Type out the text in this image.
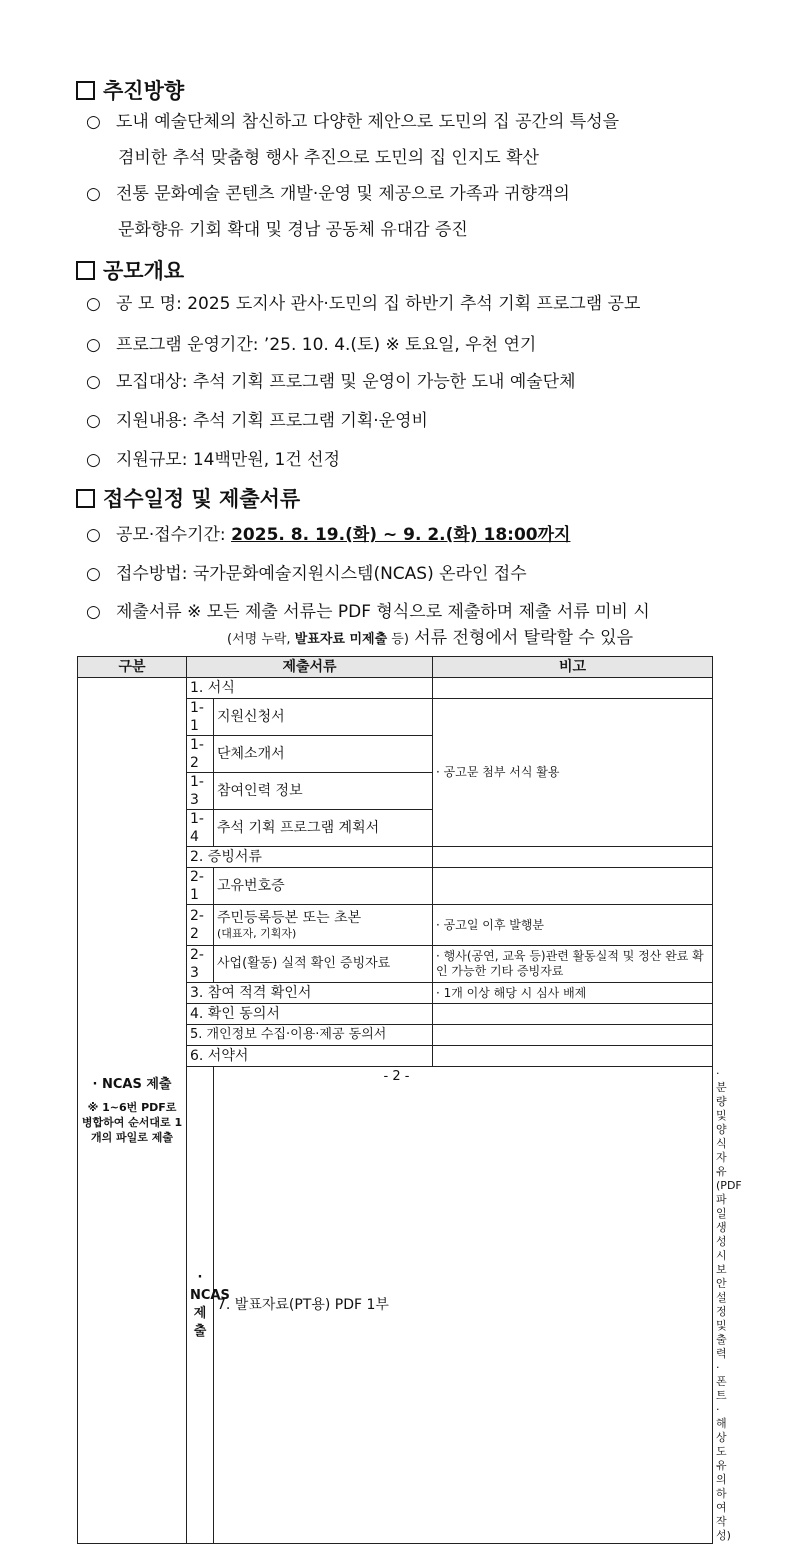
추진방향
○ 도내 예술단체의 참신하고 다양한 제안으로 도민의 집 공간의 특성을
겸비한 추석 맞춤형 행사 추진으로 도민의 집 인지도 확산
○ 전통 문화예술 콘텐츠 개발·운영 및 제공으로 가족과 귀향객의
문화향유 기회 확대 및 경남 공동체 유대감 증진
공모개요
○ 공 모 명: 2025 도지사 관사·도민의 집 하반기 추석 기획 프로그램 공모
○ 프로그램 운영기간: ’25. 10. 4.(토) ※ 토요일, 우천 연기
○ 모집대상: 추석 기획 프로그램 및 운영이 가능한 도내 예술단체
○ 지원내용: 추석 기획 프로그램 기획·운영비
○ 지원규모: 14백만원, 1건 선정
접수일정 및 제출서류
○ 공모·접수기간: 2025. 8. 19.(화) ~ 9. 2.(화) 18:00까지
○ 접수방법: 국가문화예술지원시스템(NCAS) 온라인 접수
○ 제출서류 ※ 모든 제출 서류는 PDF 형식으로 제출하며 제출 서류 미비 시
(서명 누락, 발표자료 미제출 등) 서류 전형에서 탈락할 수 있음
구분	제출서류		비고	

· NCAS 제출
※ 1~6번 PDF로 병합하여 순서대로 1개의 파일로 제출	1. 서식			
	1-1	지원신청서	· 공고문 첨부 서식 활용	
	1-2	단체소개서		
	1-3	참여인력 정보		
	1-4	추석 기획 프로그램 계획서		
	2. 증빙서류			
	2-1	고유번호증		
	2-2	주민등록등본 또는 초본
(대표자, 기획자)	· 공고일 이후 발행분	
	2-3	사업(활동) 실적 확인 증빙자료	· 행사(공연, 교육 등)관련 활동실적 및 정산 완료 확인 가능한 기타 증빙자료	
	3. 참여 적격 확인서		· 1개 이상 해당 시 심사 배제	
	4. 확인 동의서			
	5. 개인정보 수집·이용·제공 동의서			
	6. 서약서			
	· NCAS 제출	7. 발표자료(PT용) PDF 1부		· 분량 및 양식 자유(PDF 파일 생성 시 보안설정 및 출력·폰트·해상도 유의하여 작성)
- 2 -
